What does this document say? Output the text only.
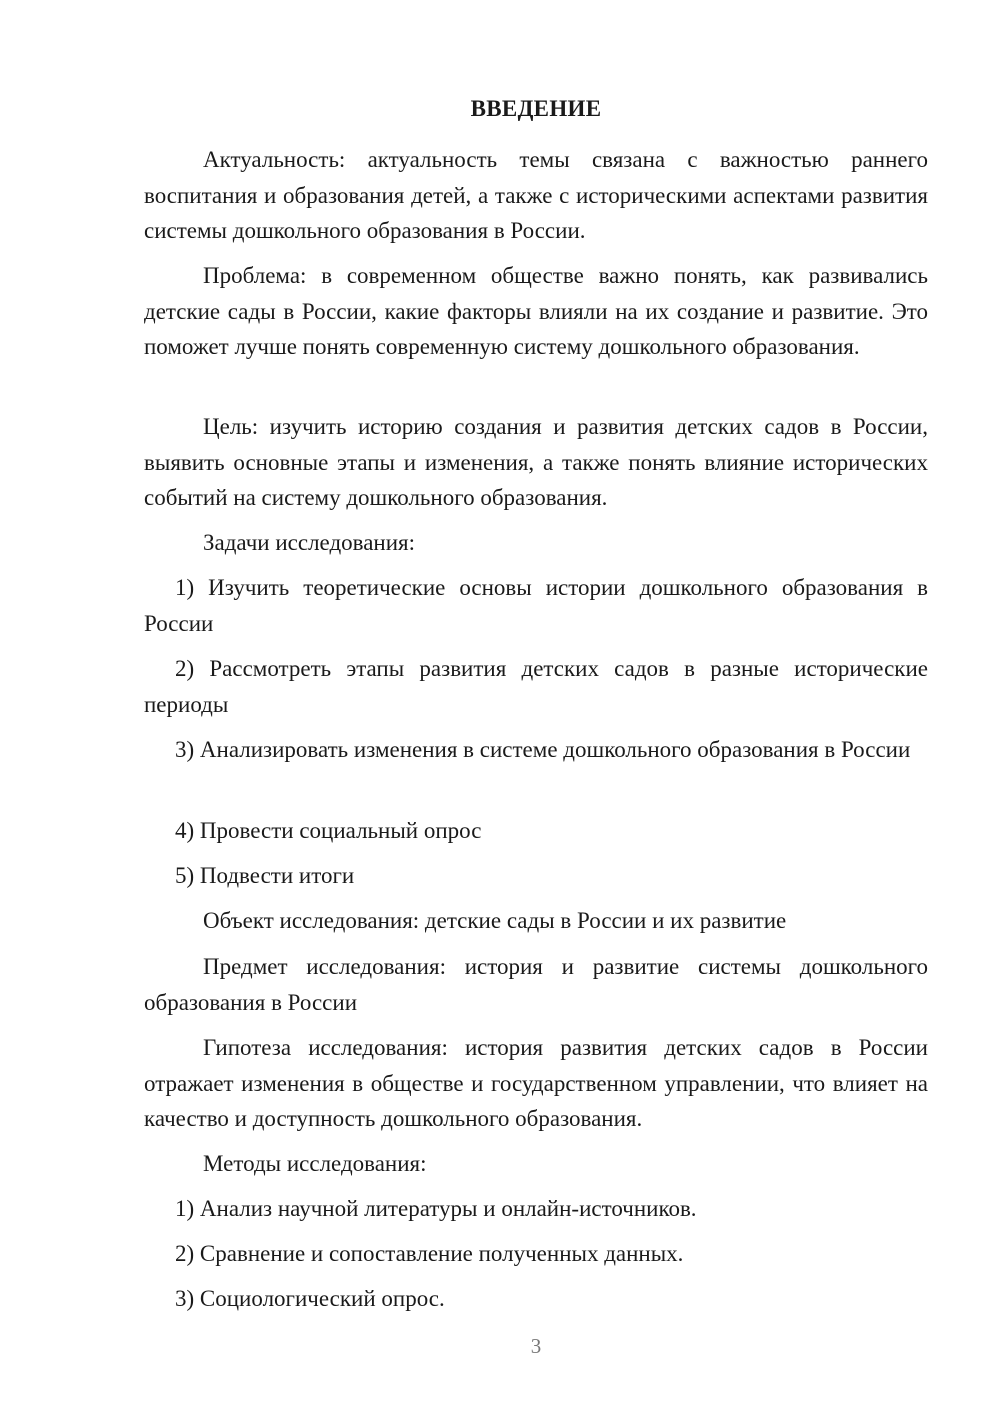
ВВЕДЕНИЕ

Актуальность: актуальность темы связана с важностью раннего воспитания и образования детей, а также с историческими аспектами развития системы дошкольного образования в России.

Проблема: в современном обществе важно понять, как развивались детские сады в России, какие факторы влияли на их создание и развитие. Это поможет лучше понять современную систему дошкольного образования.

Цель: изучить историю создания и развития детских садов в России, выявить основные этапы и изменения, а также понять влияние исторических событий на систему дошкольного образования.

Задачи исследования:

1) Изучить теоретические основы истории дошкольного образования в России

2) Рассмотреть этапы развития детских садов в разные исторические периоды

3) Анализировать изменения в системе дошкольного образования в России

4) Провести социальный опрос

5) Подвести итоги

Объект исследования: детские сады в России и их развитие

Предмет исследования: история и развитие системы дошкольного образования в России

Гипотеза исследования: история развития детских садов в России отражает изменения в обществе и государственном управлении, что влияет на качество и доступность дошкольного образования.

Методы исследования:

1) Анализ научной литературы и онлайн-источников.

2) Сравнение и сопоставление полученных данных.

3) Социологический опрос.

3
